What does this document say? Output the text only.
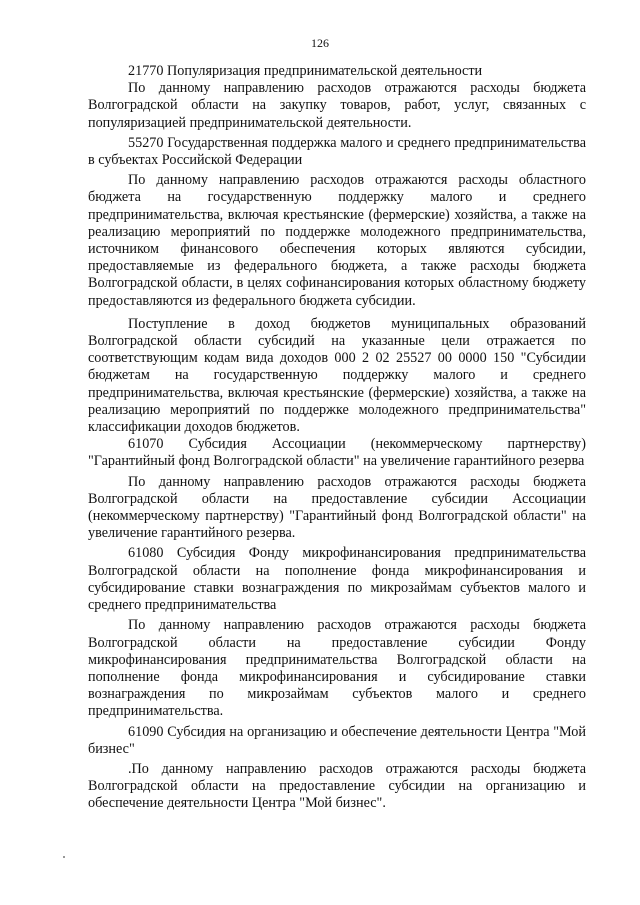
126

21770 Популяризация предпринимательской деятельности

По данному направлению расходов отражаются расходы бюджета Волгоградской области на закупку товаров, работ, услуг, связанных с популяризацией предпринимательской деятельности.

55270 Государственная поддержка малого и среднего предпринимательства в субъектах Российской Федерации

По данному направлению расходов отражаются расходы областного бюджета на государственную поддержку малого и среднего предпринимательства, включая крестьянские (фермерские) хозяйства, а также на реализацию мероприятий по поддержке молодежного предпринимательства, источником финансового обеспечения которых являются субсидии, предоставляемые из федерального бюджета, а также расходы бюджета Волгоградской области, в целях софинансирования которых областному бюджету предоставляются из федерального бюджета субсидии.

Поступление в доход бюджетов муниципальных образований Волгоградской области субсидий на указанные цели отражается по соответствующим кодам вида доходов 000 2 02 25527 00 0000 150 "Субсидии бюджетам на государственную поддержку малого и среднего предпринимательства, включая крестьянские (фермерские) хозяйства, а также на реализацию мероприятий по поддержке молодежного предпринимательства" классификации доходов бюджетов.

61070 Субсидия Ассоциации (некоммерческому партнерству) "Гарантийный фонд Волгоградской области" на увеличение гарантийного резерва

По данному направлению расходов отражаются расходы бюджета Волгоградской области на предоставление субсидии Ассоциации (некоммерческому партнерству) "Гарантийный фонд Волгоградской области" на увеличение гарантийного резерва.

61080 Субсидия Фонду микрофинансирования предпринимательства Волгоградской области на пополнение фонда микрофинансирования и субсидирование ставки вознаграждения по микрозаймам субъектов малого и среднего предпринимательства

По данному направлению расходов отражаются расходы бюджета Волгоградской области на предоставление субсидии Фонду микрофинансирования предпринимательства Волгоградской области на пополнение фонда микрофинансирования и субсидирование ставки вознаграждения по микрозаймам субъектов малого и среднего предпринимательства.

61090 Субсидия на организацию и обеспечение деятельности Центра "Мой бизнес"

.По данному направлению расходов отражаются расходы бюджета Волгоградской области на предоставление субсидии на организацию и обеспечение деятельности Центра "Мой бизнес".
